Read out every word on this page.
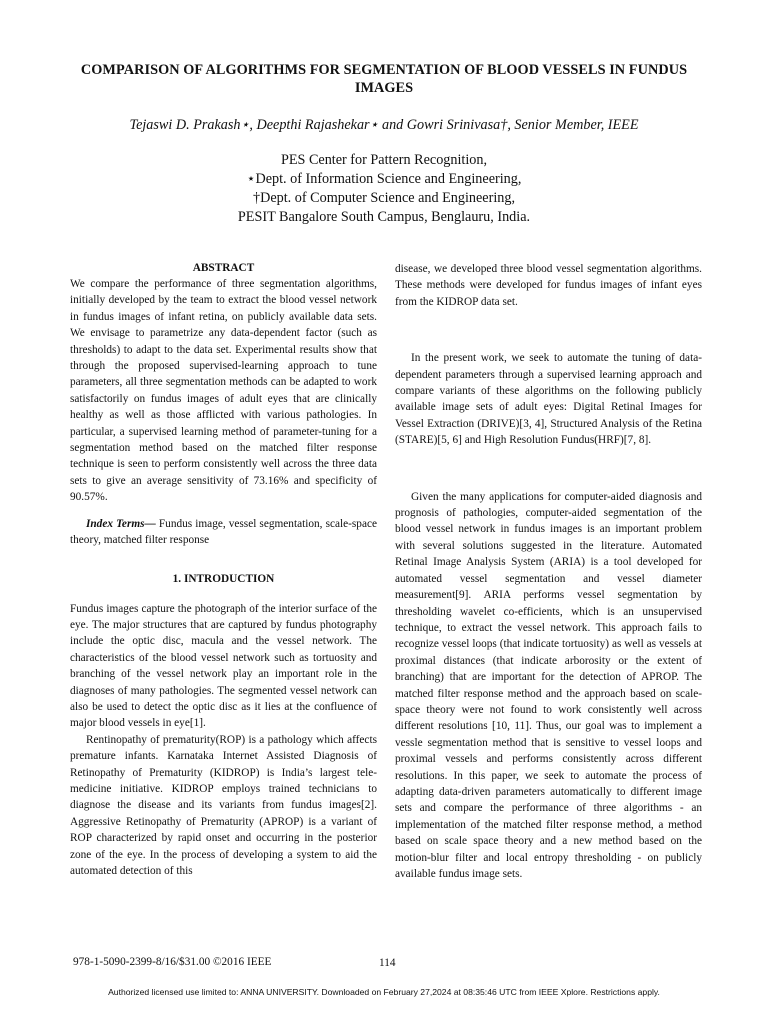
COMPARISON OF ALGORITHMS FOR SEGMENTATION OF BLOOD VESSELS IN FUNDUS
IMAGES
Tejaswi D. Prakash⋆, Deepthi Rajashekar⋆ and Gowri Srinivasa†, Senior Member, IEEE
PES Center for Pattern Recognition,
⋆Dept. of Information Science and Engineering,
†Dept. of Computer Science and Engineering,
PESIT Bangalore South Campus, Benglauru, India.

ABSTRACT

We compare the performance of three segmentation algorithms, initially developed by the team to extract the blood vessel network in fundus images of infant retina, on publicly available data sets. We envisage to parametrize any data-dependent factor (such as thresholds) to adapt to the data set. Experimental results show that through the proposed supervised-learning approach to tune parameters, all three segmentation methods can be adapted to work satisfactorily on fundus images of adult eyes that are clinically healthy as well as those afflicted with various pathologies. In particular, a supervised learning method of parameter-tuning for a segmentation method based on the matched filter response technique is seen to perform consistently well across the three data sets to give an average sensitivity of 73.16% and specificity of 90.57%.

Index Terms— Fundus image, vessel segmentation, scale-space theory, matched filter response

1. INTRODUCTION

Fundus images capture the photograph of the interior surface of the eye. The major structures that are captured by fundus photography include the optic disc, macula and the vessel network. The characteristics of the blood vessel network such as tortuosity and branching of the vessel network play an important role in the diagnoses of many pathologies. The segmented vessel network can also be used to detect the optic disc as it lies at the confluence of major blood vessels in eye[1].

Rentinopathy of prematurity(ROP) is a pathology which affects premature infants. Karnataka Internet Assisted Diagnosis of Retinopathy of Prematurity (KIDROP) is India’s largest tele-medicine initiative. KIDROP employs trained technicians to diagnose the disease and its variants from fundus images[2]. Aggressive Retinopathy of Prematurity (APROP) is a variant of ROP characterized by rapid onset and occurring in the posterior zone of the eye. In the process of developing a system to aid the automated detection of this

disease, we developed three blood vessel segmentation algorithms. These methods were developed for fundus images of infant eyes from the KIDROP data set.

In the present work, we seek to automate the tuning of data-dependent parameters through a supervised learning approach and compare variants of these algorithms on the following publicly available image sets of adult eyes: Digital Retinal Images for Vessel Extraction (DRIVE)[3, 4], Structured Analysis of the Retina (STARE)[5, 6] and High Resolution Fundus(HRF)[7, 8].

Given the many applications for computer-aided diagnosis and prognosis of pathologies, computer-aided segmentation of the blood vessel network in fundus images is an important problem with several solutions suggested in the literature. Automated Retinal Image Analysis System (ARIA) is a tool developed for automated vessel segmentation and vessel diameter measurement[9]. ARIA performs vessel segmentation by thresholding wavelet co-efficients, which is an unsupervised technique, to extract the vessel network. This approach fails to recognize vessel loops (that indicate tortuosity) as well as vessels at proximal distances (that indicate arborosity or the extent of branching) that are important for the detection of APROP. The matched filter response method and the approach based on scale-space theory were not found to work consistently well across different resolutions [10, 11]. Thus, our goal was to implement a vessle segmentation method that is sensitive to vessel loops and proximal vessels and performs consistently across different resolutions. In this paper, we seek to automate the process of adapting data-driven parameters automatically to different image sets and compare the performance of three algorithms - an implementation of the matched filter response method, a method based on scale space theory and a new method based on the motion-blur filter and local entropy thresholding - on publicly available fundus image sets.

978-1-5090-2399-8/16/$31.00 ©2016 IEEE	114
Authorized licensed use limited to: ANNA UNIVERSITY. Downloaded on February 27,2024 at 08:35:46 UTC from IEEE Xplore. Restrictions apply.
